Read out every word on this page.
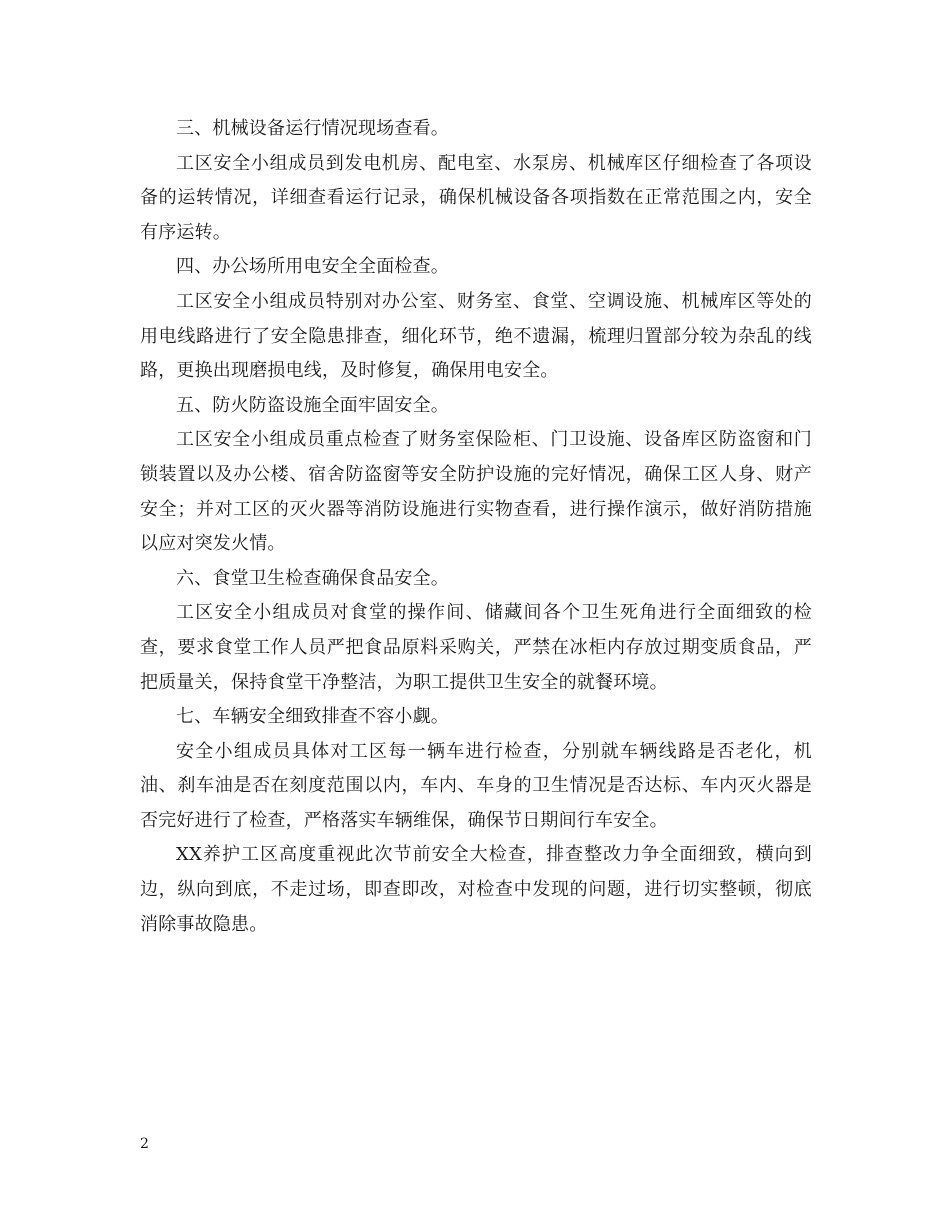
三、机械设备运行情况现场查看。

工区安全小组成员到发电机房、配电室、水泵房、机械库区仔细检查了各项设备的运转情况，详细查看运行记录，确保机械设备各项指数在正常范围之内，安全有序运转。

四、办公场所用电安全全面检查。

工区安全小组成员特别对办公室、财务室、食堂、空调设施、机械库区等处的用电线路进行了安全隐患排查，细化环节，绝不遗漏，梳理归置部分较为杂乱的线路，更换出现磨损电线，及时修复，确保用电安全。

五、防火防盗设施全面牢固安全。

工区安全小组成员重点检查了财务室保险柜、门卫设施、设备库区防盗窗和门锁装置以及办公楼、宿舍防盗窗等安全防护设施的完好情况，确保工区人身、财产安全；并对工区的灭火器等消防设施进行实物查看，进行操作演示，做好消防措施以应对突发火情。

六、食堂卫生检查确保食品安全。

工区安全小组成员对食堂的操作间、储藏间各个卫生死角进行全面细致的检查，要求食堂工作人员严把食品原料采购关，严禁在冰柜内存放过期变质食品，严把质量关，保持食堂干净整洁，为职工提供卫生安全的就餐环境。

七、车辆安全细致排查不容小觑。

安全小组成员具体对工区每一辆车进行检查，分别就车辆线路是否老化，机油、刹车油是否在刻度范围以内，车内、车身的卫生情况是否达标、车内灭火器是否完好进行了检查，严格落实车辆维保，确保节日期间行车安全。

XX养护工区高度重视此次节前安全大检查，排查整改力争全面细致，横向到边，纵向到底，不走过场，即查即改，对检查中发现的问题，进行切实整顿，彻底消除事故隐患。

2
